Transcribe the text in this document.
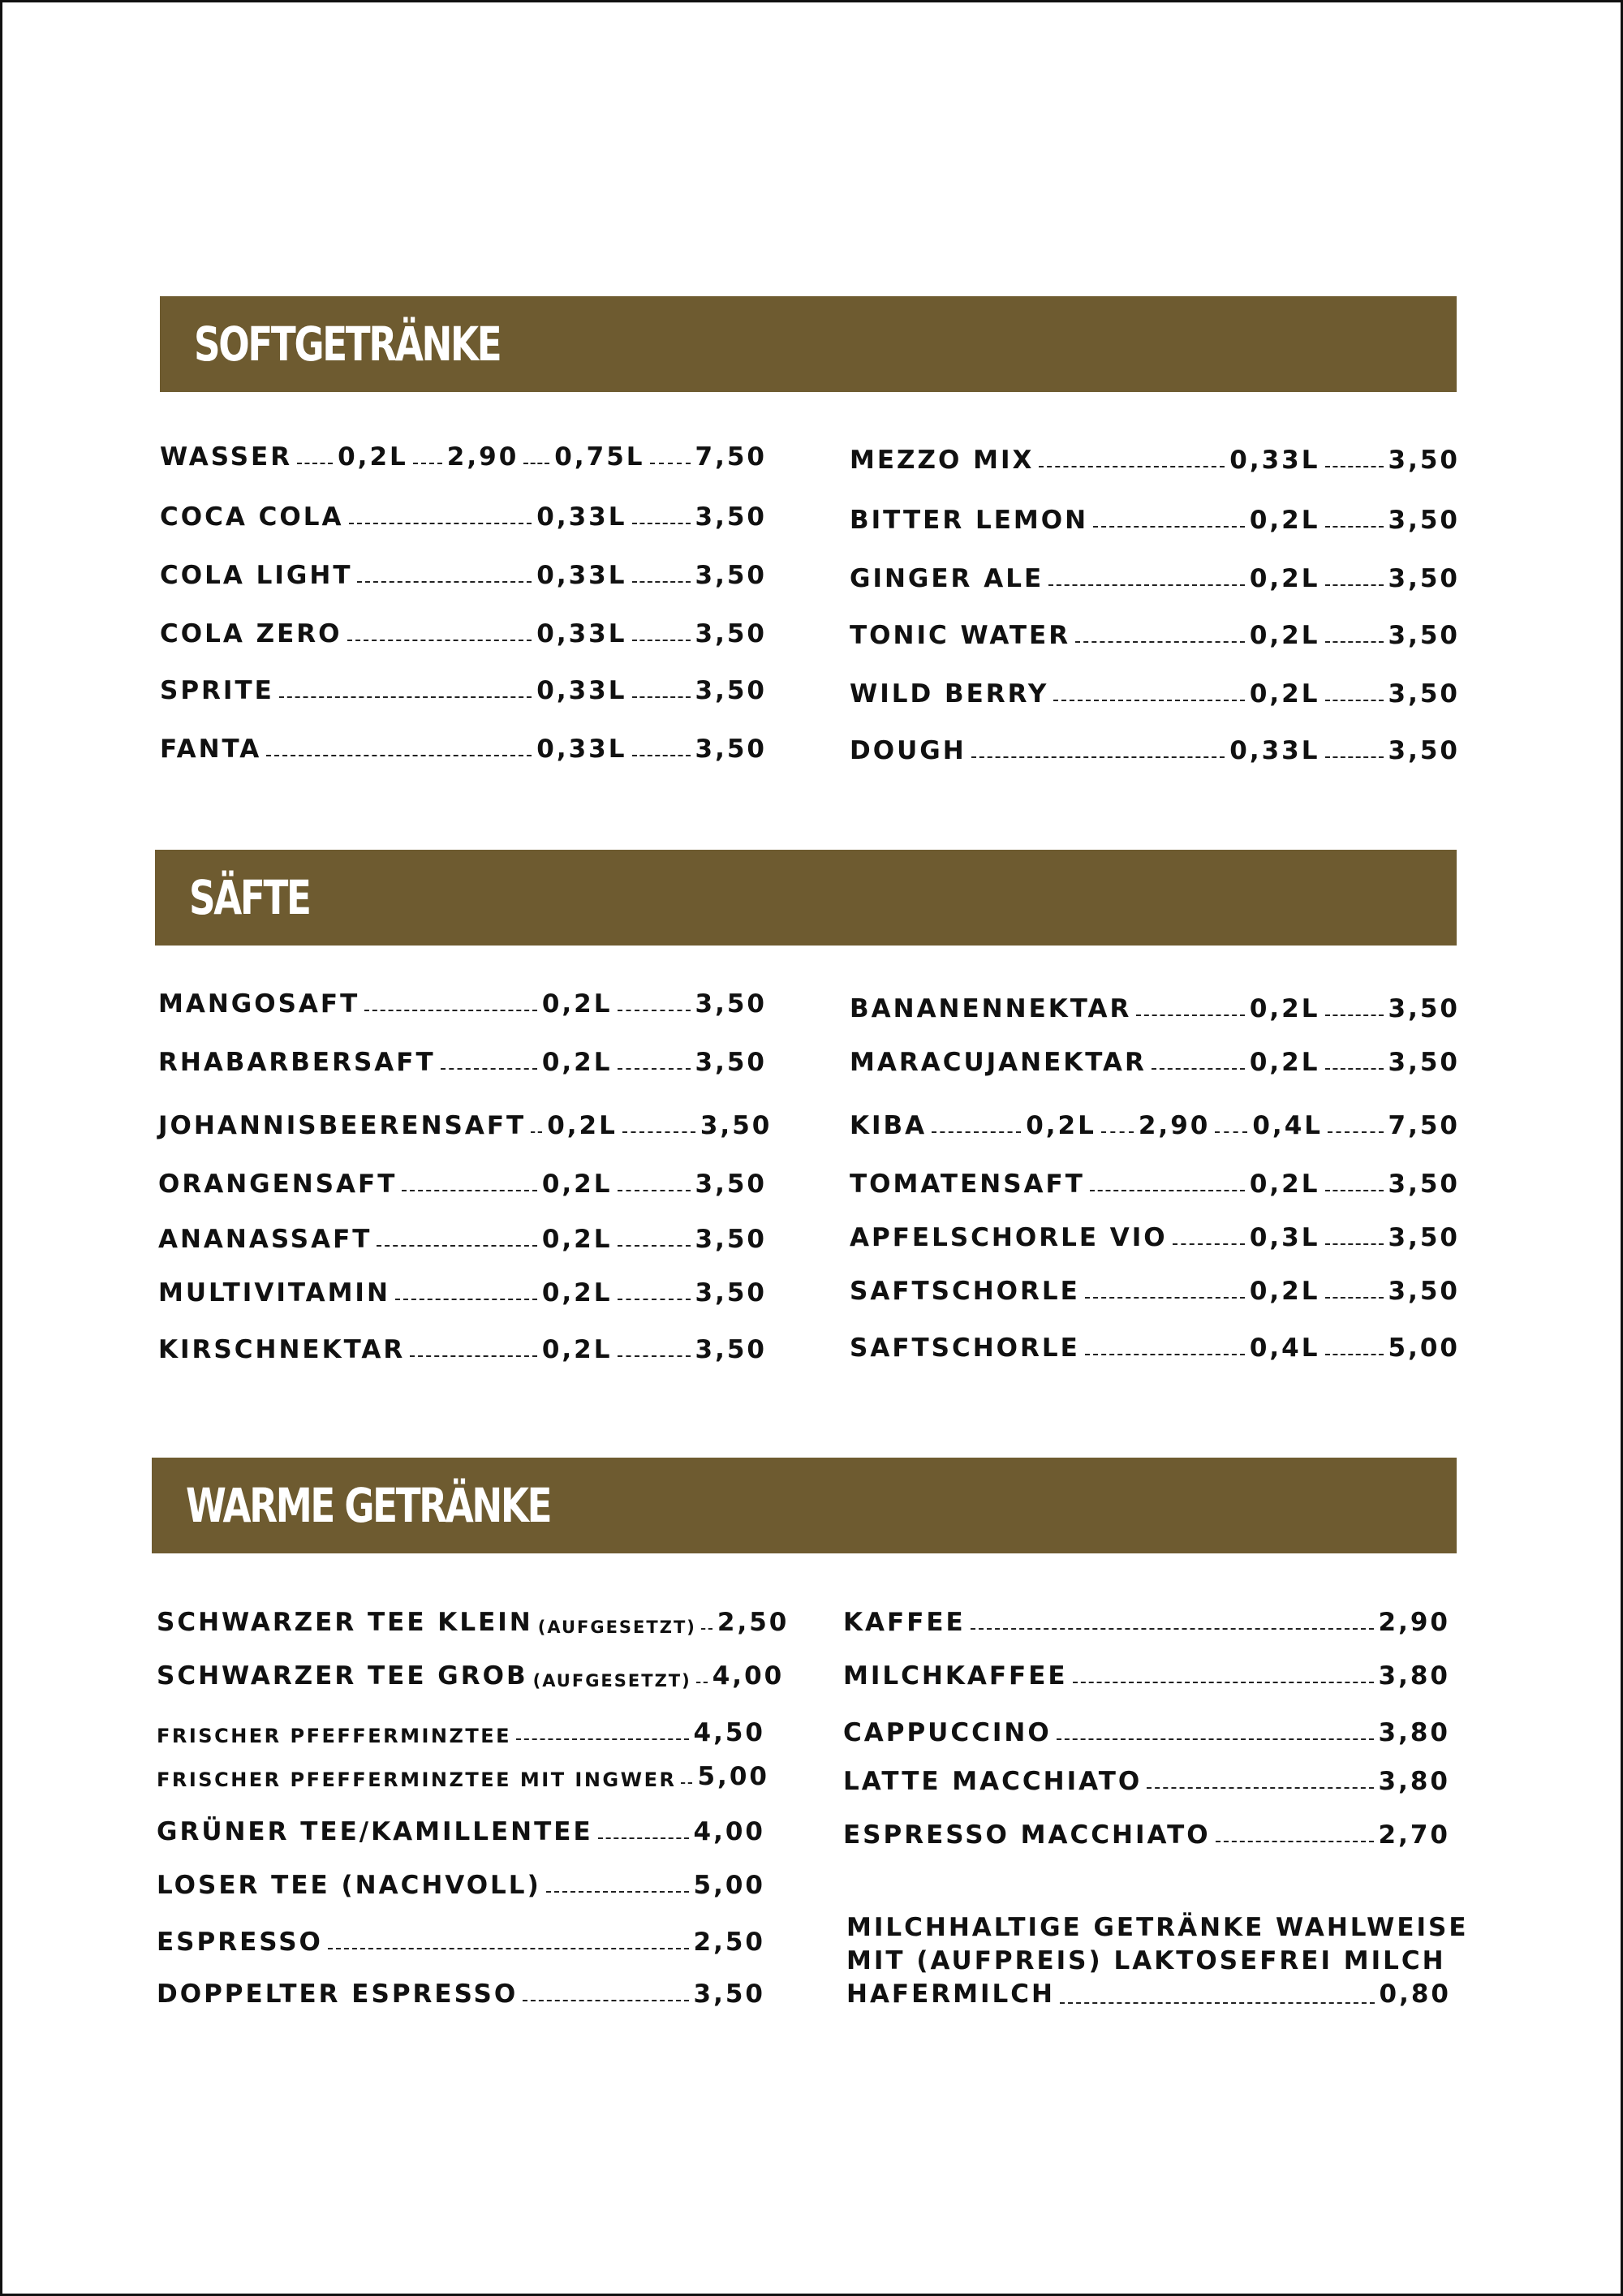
SOFTGETRÄNKE
WASSER 0,2L 2,90 0,75L 7,50
COCA COLA	0,33L	3,50
COLA LIGHT	0,33L	3,50
COLA ZERO	0,33L	3,50
SPRITE	0,33L	3,50
FANTA	0,33L	3,50
MEZZO MIX	0,33L	3,50
BITTER LEMON	0,2L	3,50
GINGER ALE	0,2L	3,50
TONIC WATER	0,2L	3,50
WILD BERRY	0,2L	3,50
DOUGH	0,33L	3,50
SÄFTE
MANGOSAFT	0,2L	3,50
RHABARBERSAFT	0,2L	3,50
JOHANNISBEERENSAFT 0,2L	3,50
ORANGENSAFT	0,2L	3,50
ANANASSAFT	0,2L	3,50
MULTIVITAMIN	0,2L	3,50
KIRSCHNEKTAR	0,2L	3,50
BANANENNEKTAR	0,2L	3,50
MARACUJANEKTAR	0,2L	3,50
KIBA	0,2L 2,90 0,4L	7,50
TOMATENSAFT	0,2L	3,50
APFELSCHORLE VIO	0,3L	3,50
SAFTSCHORLE	0,2L	3,50
SAFTSCHORLE	0,4L	5,00
WARME GETRÄNKE
SCHWARZER TEE KLEIN (AUFGESETZT) 2,50
SCHWARZER TEE GROB (AUFGESETZT) 4,00
FRISCHER PFEFFERMINZTEE	4,50
FRISCHER PFEFFERMINZTEE MIT INGWER 5,00
GRÜNER TEE/KAMILLENTEE	4,00
LOSER TEE (NACHVOLL)	5,00
ESPRESSO	2,50
DOPPELTER ESPRESSO	3,50
KAFFEE	2,90
MILCHKAFFEE	3,80
CAPPUCCINO	3,80
LATTE MACCHIATO	3,80
ESPRESSO MACCHIATO	2,70
MILCHHALTIGE GETRÄNKE WAHLWEISE
MIT (AUFPREIS) LAKTOSEFREI MILCH
HAFERMILCH	0,80
